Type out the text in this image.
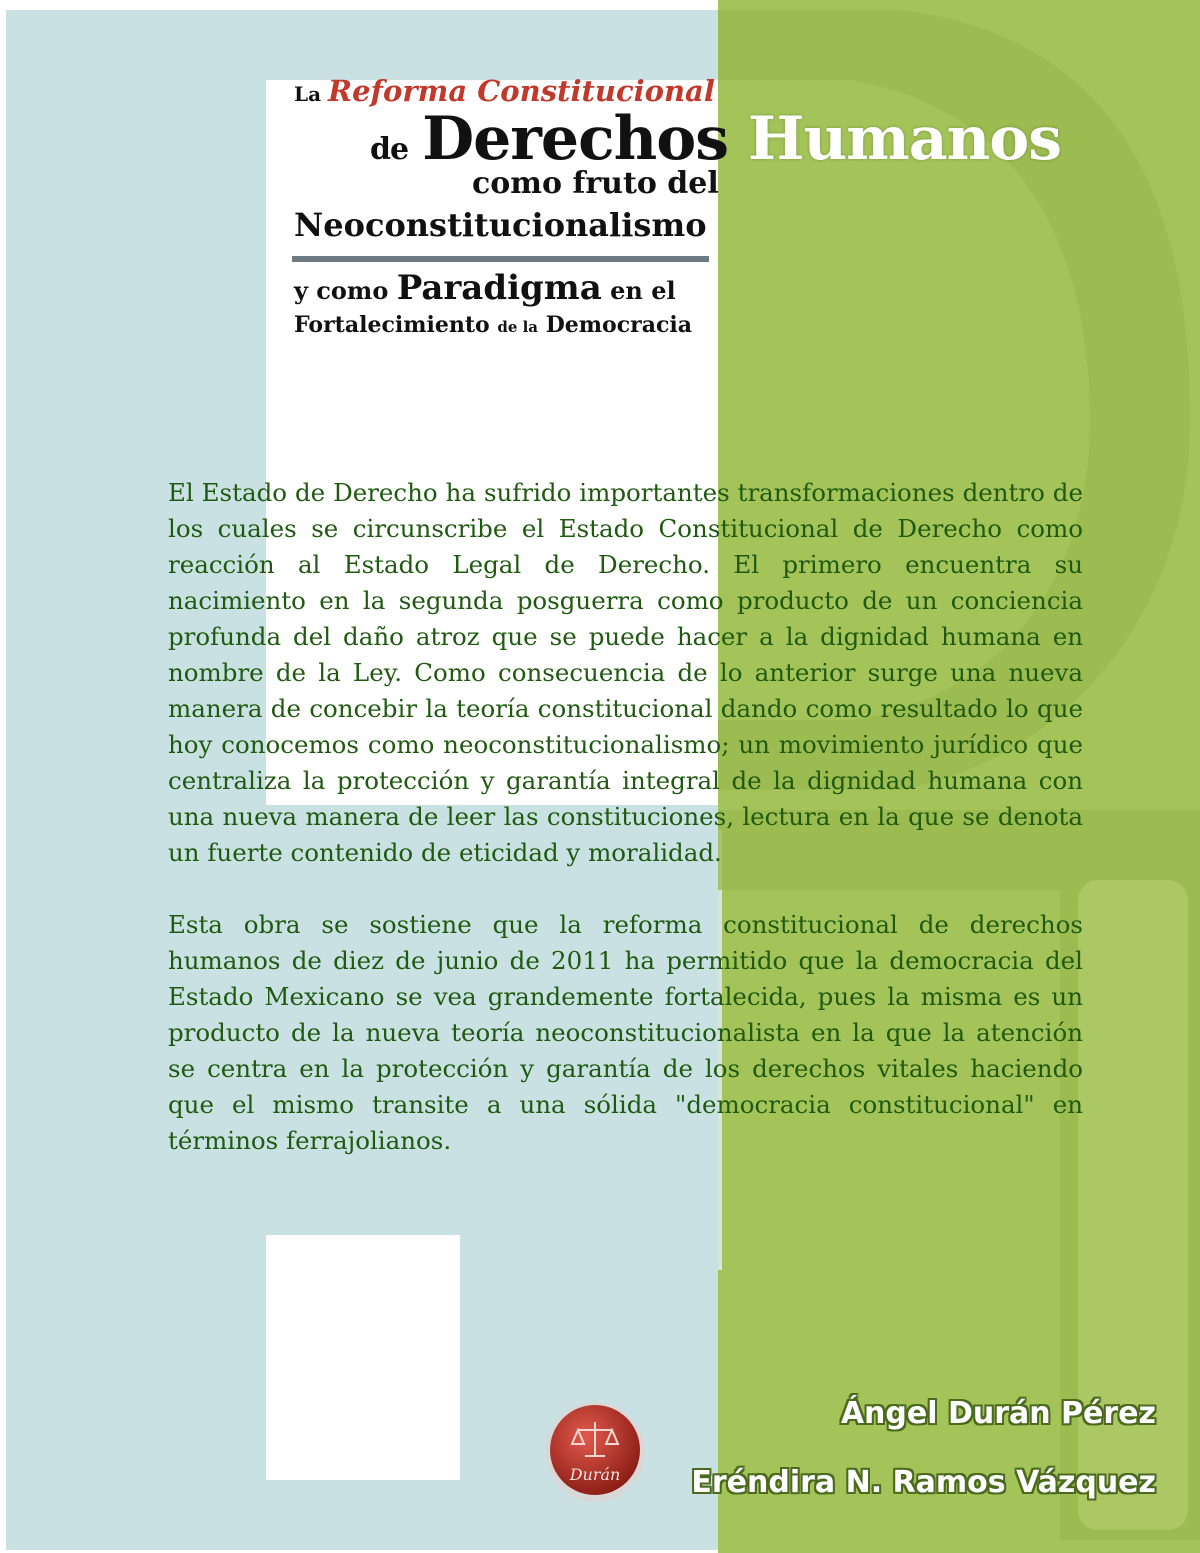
La Reforma Constitucional
de Derechos Humanos
como fruto del
Neoconstitucionalismo
y como Paradigma en el
Fortalecimiento de la Democracia

El Estado de Derecho ha sufrido importantes transformaciones dentro de los cuales se circunscribe el Estado Constitucional de Derecho como reacción al Estado Legal de Derecho. El primero encuentra su nacimiento en la segunda posguerra como producto de un conciencia profunda del daño atroz que se puede hacer a la dignidad humana en nombre de la Ley. Como consecuencia de lo anterior surge una nueva manera de concebir la teoría constitucional dando como resultado lo que hoy conocemos como neoconstitucionalismo; un movimiento jurídico que centraliza la protección y garantía integral de la dignidad humana con una nueva manera de leer las constituciones, lectura en la que se denota un fuerte contenido de eticidad y moralidad.

Esta obra se sostiene que la reforma constitucional de derechos humanos de diez de junio de 2011 ha permitido que la democracia del Estado Mexicano se vea grandemente fortalecida, pues la misma es un producto de la nueva teoría neoconstitucionalista en la que la atención se centra en la protección y garantía de los derechos vitales haciendo que el mismo transite a una sólida "democracia constitucional" en términos ferrajolianos.

Durán
Ángel Durán Pérez
Eréndira N. Ramos Vázquez
